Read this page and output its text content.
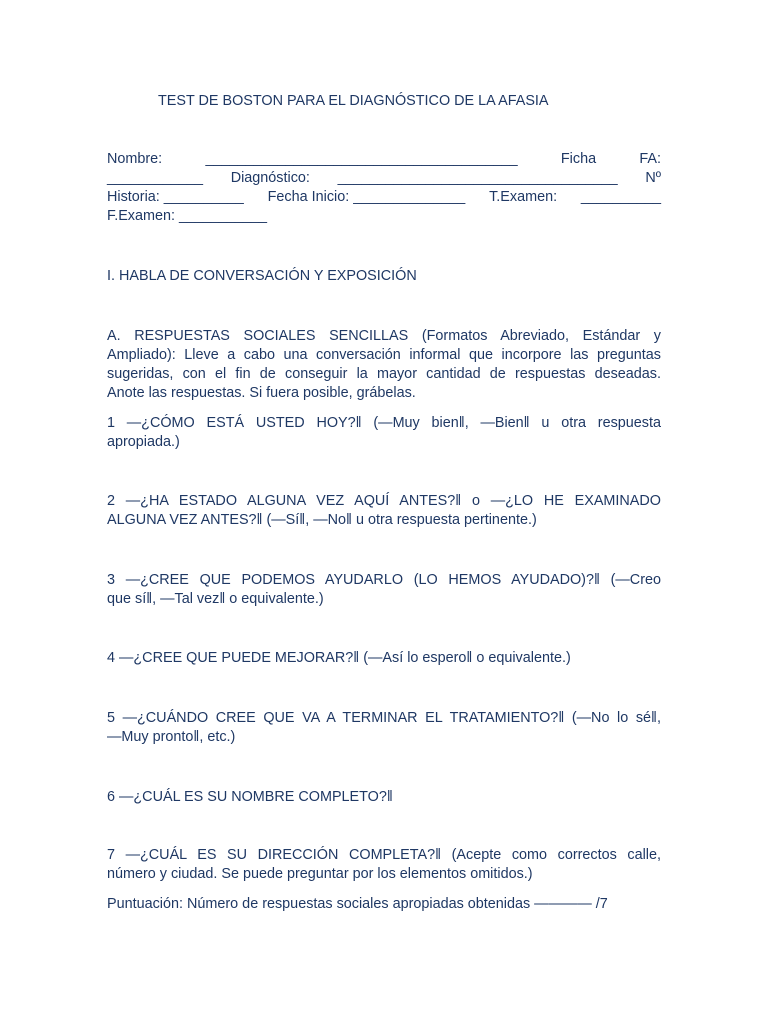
TEST DE BOSTON PARA EL DIAGNÓSTICO DE LA AFASIA
Nombre:	_______________________________________	Ficha	FA:
____________ Diagnóstico: ___________________________________ Nº
Historia: __________ Fecha Inicio: ______________ T.Examen: __________
F.Examen: ___________
I. HABLA DE CONVERSACIÓN Y EXPOSICIÓN
A. RESPUESTAS SOCIALES SENCILLAS (Formatos Abreviado, Estándar y
Ampliado): Lleve a cabo una conversación informal que incorpore las preguntas
sugeridas, con el fin de conseguir la mayor cantidad de respuestas deseadas.
Anote las respuestas. Si fuera posible, grábelas.
1 ―¿CÓMO ESTÁ USTED HOY?‖ (―Muy bien‖, ―Bien‖ u otra respuesta
apropiada.)
2 ―¿HA ESTADO ALGUNA VEZ AQUÍ ANTES?‖ o ―¿LO HE EXAMINADO
ALGUNA VEZ ANTES?‖ (―Sí‖, ―No‖ u otra respuesta pertinente.)
3 ―¿CREE QUE PODEMOS AYUDARLO (LO HEMOS AYUDADO)?‖ (―Creo
que sí‖, ―Tal vez‖ o equivalente.)
4 ―¿CREE QUE PUEDE MEJORAR?‖ (―Así lo espero‖ o equivalente.)
5 ―¿CUÁNDO CREE QUE VA A TERMINAR EL TRATAMIENTO?‖ (―No lo sé‖,
―Muy pronto‖, etc.)
6 ―¿CUÁL ES SU NOMBRE COMPLETO?‖
7 ―¿CUÁL ES SU DIRECCIÓN COMPLETA?‖ (Acepte como correctos calle,
número y ciudad. Se puede preguntar por los elementos omitidos.)
Puntuación: Número de respuestas sociales apropiadas obtenidas ———— /7
